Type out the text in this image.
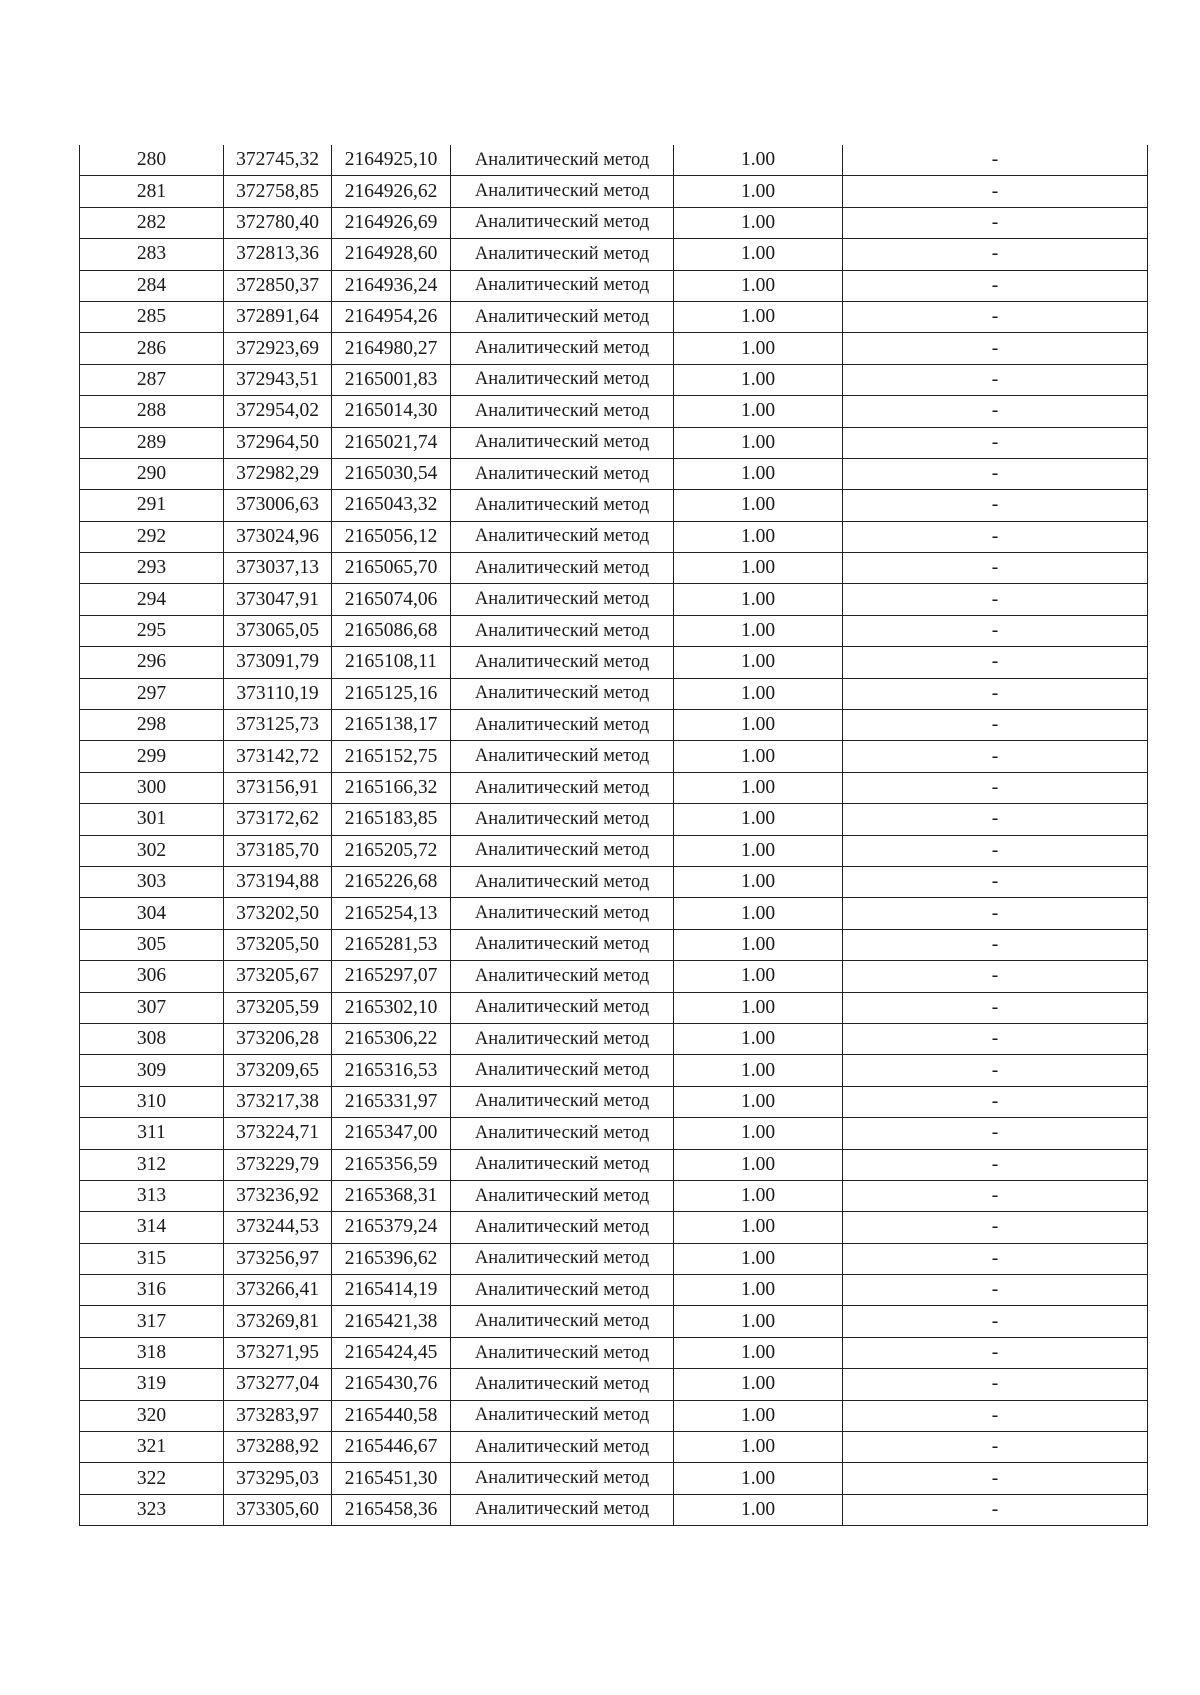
280	372745,32	2164925,10	Аналитический метод	1.00	-
281	372758,85	2164926,62	Аналитический метод	1.00	-
282	372780,40	2164926,69	Аналитический метод	1.00	-
283	372813,36	2164928,60	Аналитический метод	1.00	-
284	372850,37	2164936,24	Аналитический метод	1.00	-
285	372891,64	2164954,26	Аналитический метод	1.00	-
286	372923,69	2164980,27	Аналитический метод	1.00	-
287	372943,51	2165001,83	Аналитический метод	1.00	-
288	372954,02	2165014,30	Аналитический метод	1.00	-
289	372964,50	2165021,74	Аналитический метод	1.00	-
290	372982,29	2165030,54	Аналитический метод	1.00	-
291	373006,63	2165043,32	Аналитический метод	1.00	-
292	373024,96	2165056,12	Аналитический метод	1.00	-
293	373037,13	2165065,70	Аналитический метод	1.00	-
294	373047,91	2165074,06	Аналитический метод	1.00	-
295	373065,05	2165086,68	Аналитический метод	1.00	-
296	373091,79	2165108,11	Аналитический метод	1.00	-
297	373110,19	2165125,16	Аналитический метод	1.00	-
298	373125,73	2165138,17	Аналитический метод	1.00	-
299	373142,72	2165152,75	Аналитический метод	1.00	-
300	373156,91	2165166,32	Аналитический метод	1.00	-
301	373172,62	2165183,85	Аналитический метод	1.00	-
302	373185,70	2165205,72	Аналитический метод	1.00	-
303	373194,88	2165226,68	Аналитический метод	1.00	-
304	373202,50	2165254,13	Аналитический метод	1.00	-
305	373205,50	2165281,53	Аналитический метод	1.00	-
306	373205,67	2165297,07	Аналитический метод	1.00	-
307	373205,59	2165302,10	Аналитический метод	1.00	-
308	373206,28	2165306,22	Аналитический метод	1.00	-
309	373209,65	2165316,53	Аналитический метод	1.00	-
310	373217,38	2165331,97	Аналитический метод	1.00	-
311	373224,71	2165347,00	Аналитический метод	1.00	-
312	373229,79	2165356,59	Аналитический метод	1.00	-
313	373236,92	2165368,31	Аналитический метод	1.00	-
314	373244,53	2165379,24	Аналитический метод	1.00	-
315	373256,97	2165396,62	Аналитический метод	1.00	-
316	373266,41	2165414,19	Аналитический метод	1.00	-
317	373269,81	2165421,38	Аналитический метод	1.00	-
318	373271,95	2165424,45	Аналитический метод	1.00	-
319	373277,04	2165430,76	Аналитический метод	1.00	-
320	373283,97	2165440,58	Аналитический метод	1.00	-
321	373288,92	2165446,67	Аналитический метод	1.00	-
322	373295,03	2165451,30	Аналитический метод	1.00	-
323	373305,60	2165458,36	Аналитический метод	1.00	-
